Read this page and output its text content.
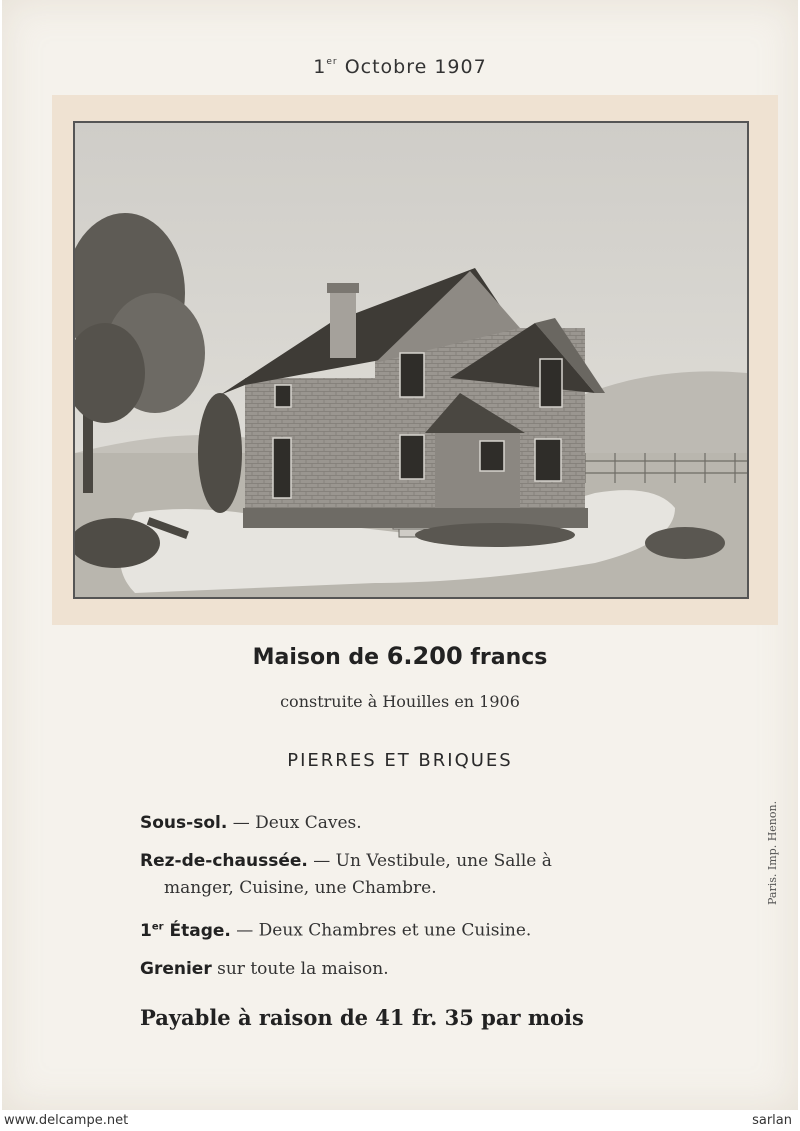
1er Octobre 1907
Maison de 6.200 francs
construite à Houilles en 1906
PIERRES ET BRIQUES
Sous-sol. — Deux Caves.
Rez-de-chaussée. — Un Vestibule, une Salle à
manger, Cuisine, une Chambre.
1er Étage. — Deux Chambres et une Cuisine.
Grenier sur toute la maison.
Payable à raison de 41 fr. 35 par mois
Paris. Imp. Henon.
www.delcampe.net	sarlan
